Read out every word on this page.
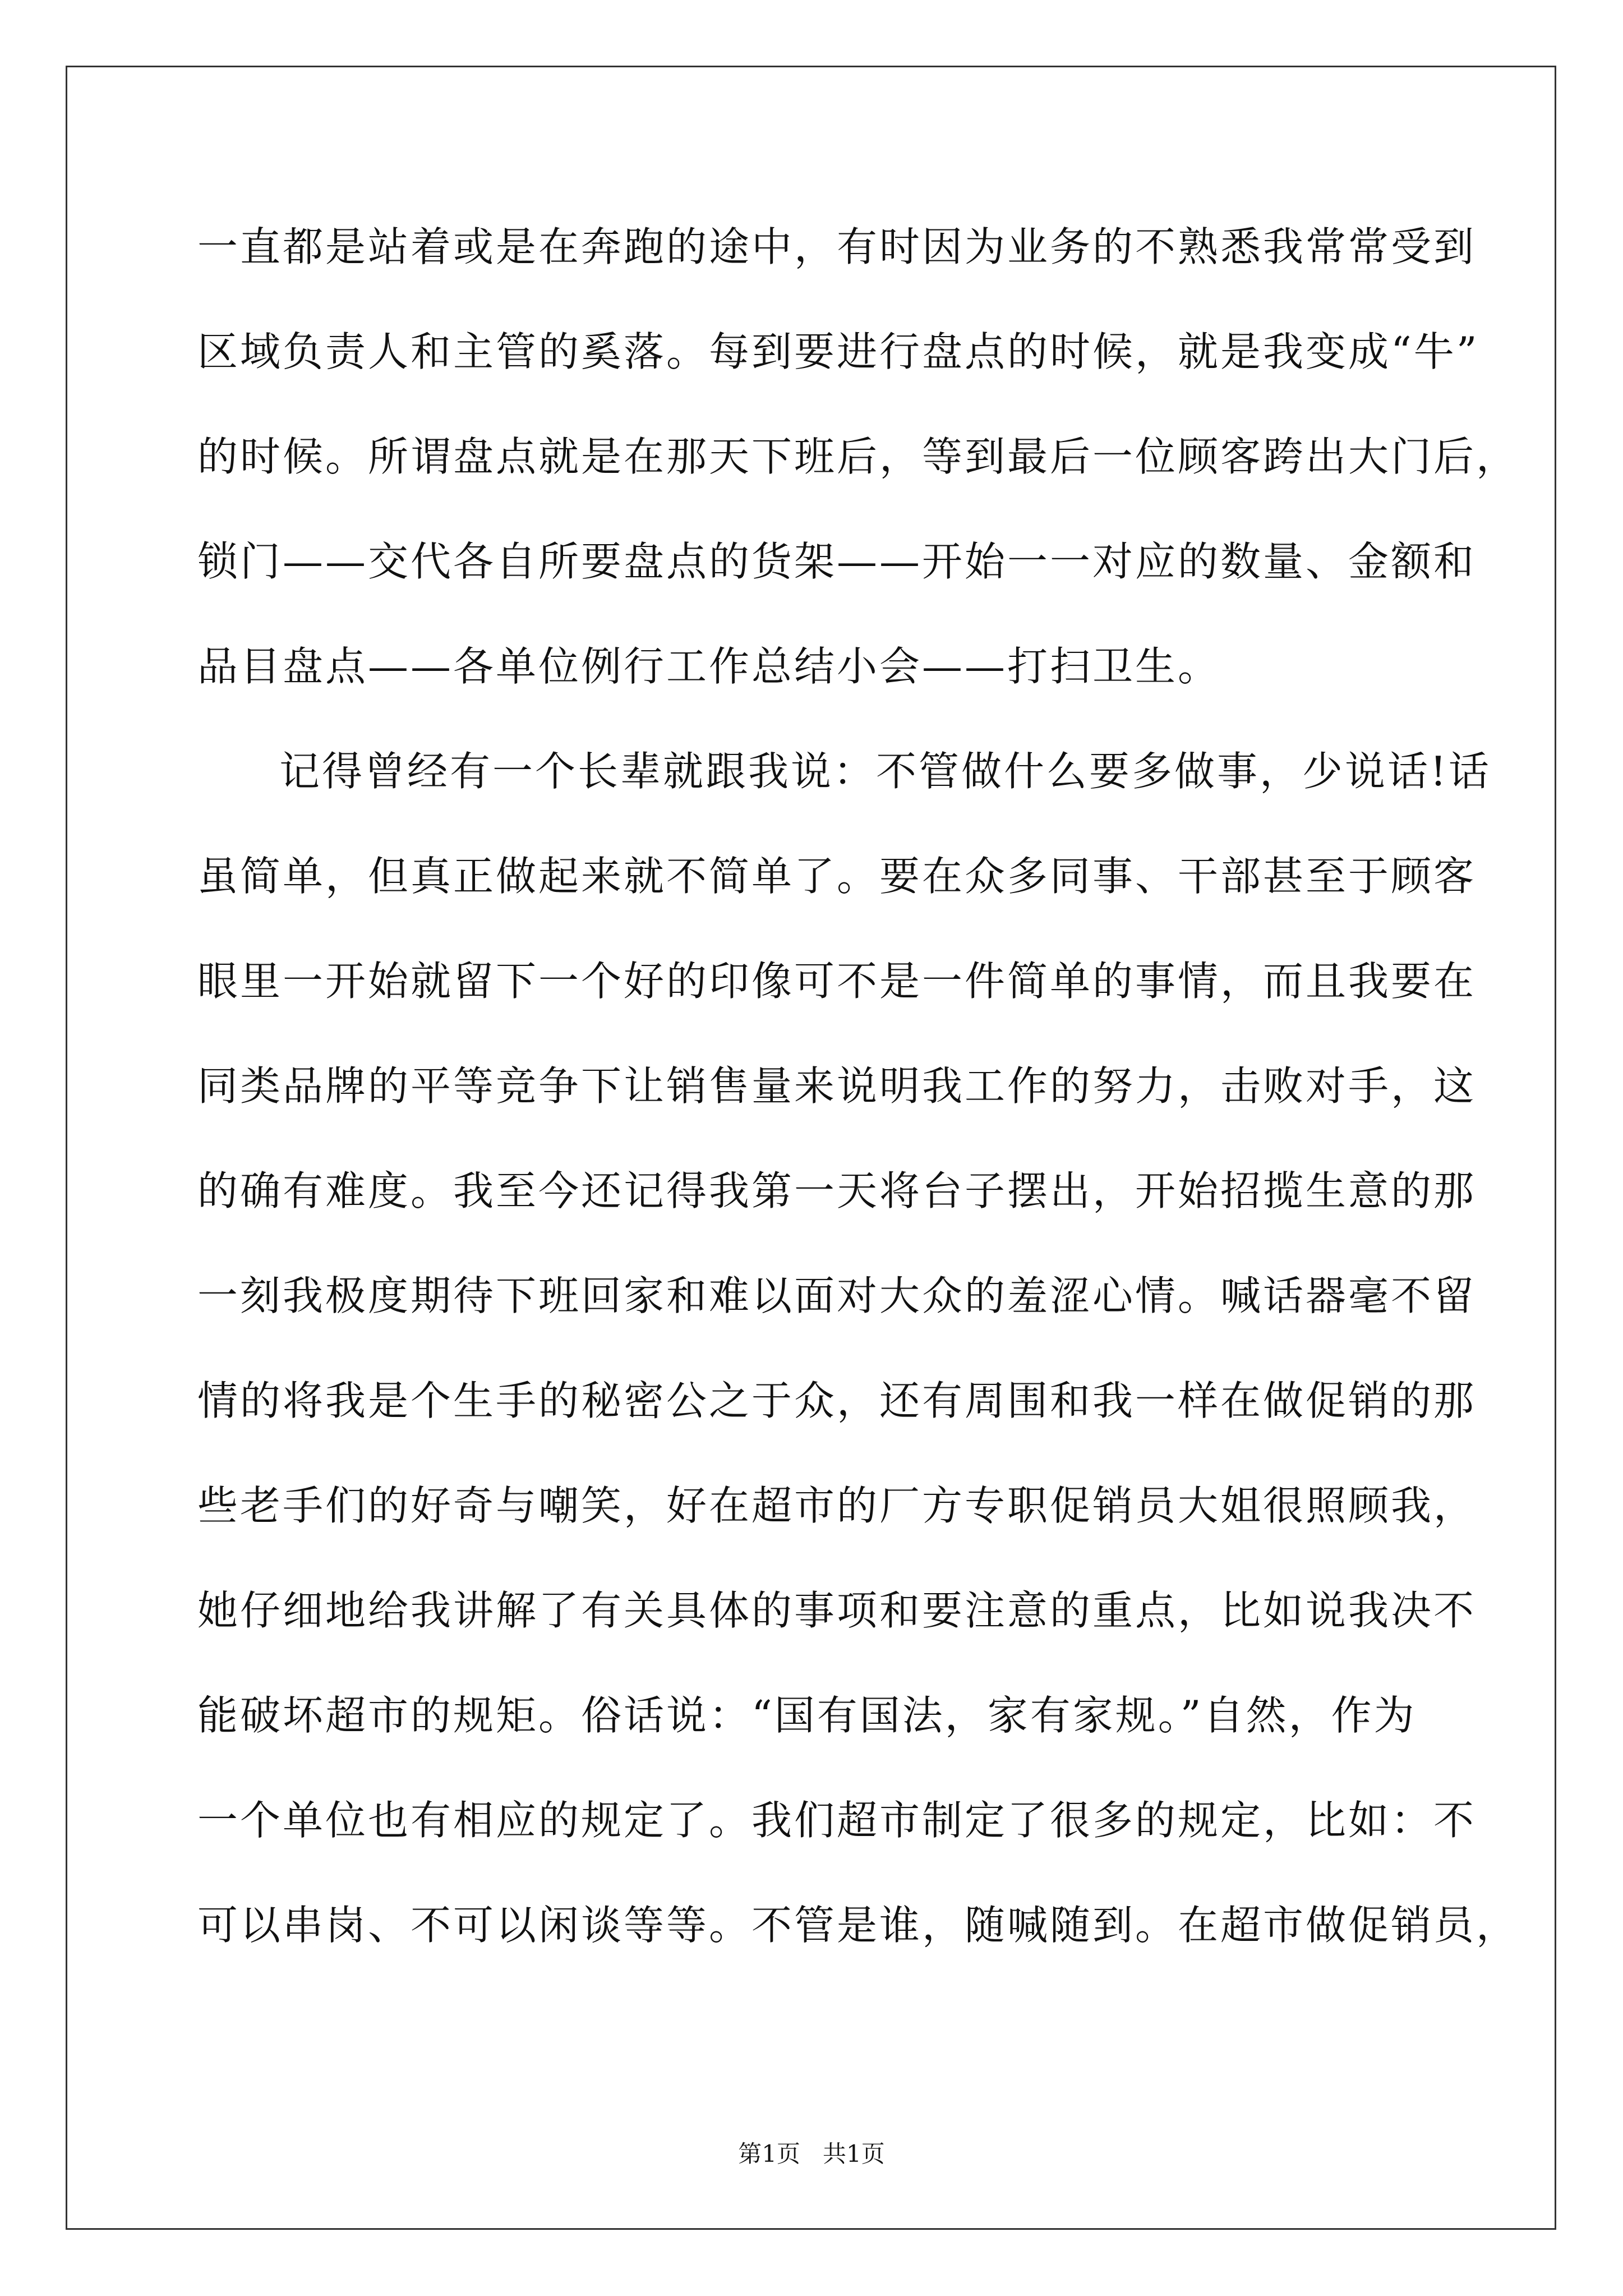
一直都是站着或是在奔跑的途中，有时因为业务的不熟悉我常常受到
区域负责人和主管的奚落。每到要进行盘点的时候，就是我变成“牛”
的时候。所谓盘点就是在那天下班后，等到最后一位顾客跨出大门后，
锁门——交代各自所要盘点的货架——开始一一对应的数量、金额和
品目盘点——各单位例行工作总结小会——打扫卫生。
记得曾经有一个长辈就跟我说：不管做什么要多做事，少说话!话
虽简单，但真正做起来就不简单了。要在众多同事、干部甚至于顾客
眼里一开始就留下一个好的印像可不是一件简单的事情，而且我要在
同类品牌的平等竞争下让销售量来说明我工作的努力，击败对手，这
的确有难度。我至今还记得我第一天将台子摆出，开始招揽生意的那
一刻我极度期待下班回家和难以面对大众的羞涩心情。喊话器毫不留
情的将我是个生手的秘密公之于众，还有周围和我一样在做促销的那
些老手们的好奇与嘲笑，好在超市的厂方专职促销员大姐很照顾我，
她仔细地给我讲解了有关具体的事项和要注意的重点，比如说我决不
能破坏超市的规矩。俗话说：“国有国法，家有家规。”自然，作为
一个单位也有相应的规定了。我们超市制定了很多的规定，比如：不
可以串岗、不可以闲谈等等。不管是谁，随喊随到。在超市做促销员，
第1页   共1页
